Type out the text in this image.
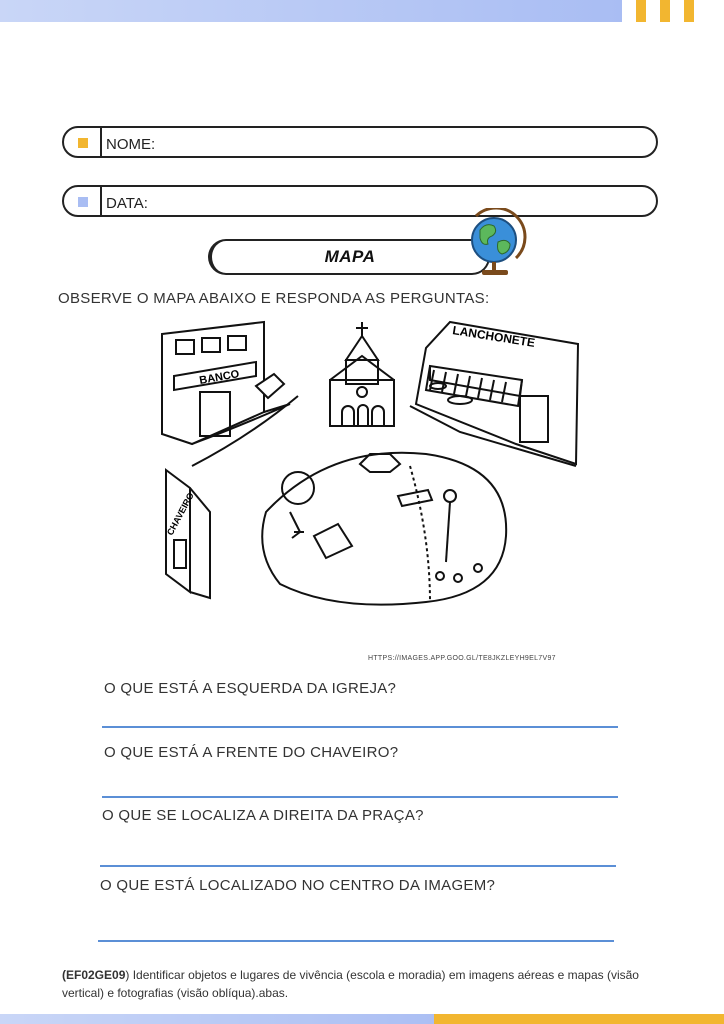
NOME:
DATA:
MAPA
OBSERVE O MAPA ABAIXO E RESPONDA AS PERGUNTAS:
BANCO
LANCHONETE
CHAVEIRO
HTTPS://IMAGES.APP.GOO.GL/TE8JKZLEYH9EL7V97
O QUE ESTÁ A ESQUERDA DA IGREJA?
O QUE ESTÁ A FRENTE DO CHAVEIRO?
O QUE SE LOCALIZA A DIREITA DA PRAÇA?
O QUE ESTÁ LOCALIZADO NO CENTRO DA IMAGEM?
(EF02GE09) Identificar objetos e lugares de vivência (escola e moradia) em imagens aéreas e mapas (visão vertical) e fotografias (visão oblíqua).abas.
